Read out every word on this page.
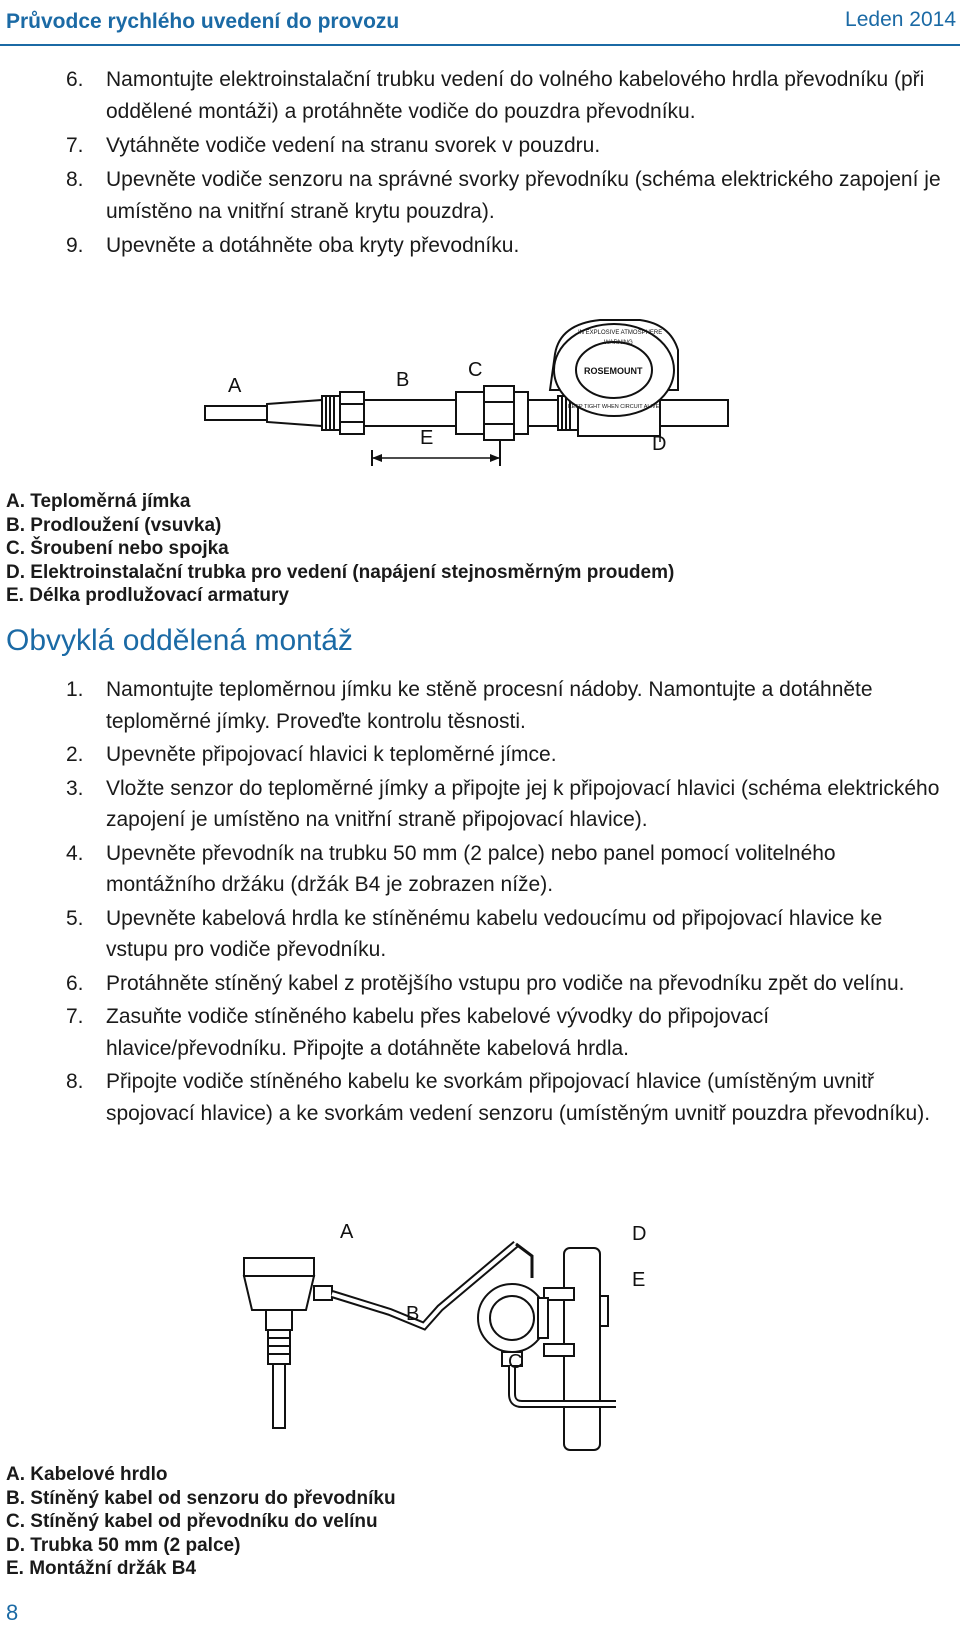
Průvodce rychlého uvedení do provozu	Leden 2014
6.	Namontujte elektroinstalační trubku vedení do volného kabelového hrdla převodníku (při oddělené montáži) a protáhněte vodiče do pouzdra převodníku.
7.	Vytáhněte vodiče vedení na stranu svorek v pouzdru.
8.	Upevněte vodiče senzoru na správné svorky převodníku (schéma elektrického zapojení je umístěno na vnitřní straně krytu pouzdra).
9.	Upevněte a dotáhněte oba kryty převodníku.
ROSEMOUNT
IN EXPLOSIVE ATMOSPHERE
WARNING
KEEP TIGHT WHEN CIRCUIT ALIVE
A	B	C
D
E
A. Teploměrná jímka
B. Prodloužení (vsuvka)
C. Šroubení nebo spojka
D. Elektroinstalační trubka pro vedení (napájení stejnosměrným proudem)
E. Délka prodlužovací armatury
Obvyklá oddělená montáž
1.	Namontujte teploměrnou jímku ke stěně procesní nádoby. Namontujte a dotáhněte teploměrné jímky. Proveďte kontrolu těsnosti.
2.	Upevněte připojovací hlavici k teploměrné jímce.
3.	Vložte senzor do teploměrné jímky a připojte jej k připojovací hlavici (schéma elektrického zapojení je umístěno na vnitřní straně připojovací hlavice).
4.	Upevněte převodník na trubku 50 mm (2 palce) nebo panel pomocí volitelného montážního držáku (držák B4 je zobrazen níže).
5.	Upevněte kabelová hrdla ke stíněnému kabelu vedoucímu od připojovací hlavice ke vstupu pro vodiče převodníku.
6.	Protáhněte stíněný kabel z protějšího vstupu pro vodiče na převodníku zpět do velínu.
7.	Zasuňte vodiče stíněného kabelu přes kabelové vývodky do připojovací hlavice/převodníku. Připojte a dotáhněte kabelová hrdla.
8.	Připojte vodiče stíněného kabelu ke svorkám připojovací hlavice (umístěným uvnitř spojovací hlavice) a ke svorkám vedení senzoru (umístěným uvnitř pouzdra převodníku).
A
B
C
D
E
A. Kabelové hrdlo
B. Stíněný kabel od senzoru do převodníku
C. Stíněný kabel od převodníku do velínu
D. Trubka 50 mm (2 palce)
E. Montážní držák B4
8
